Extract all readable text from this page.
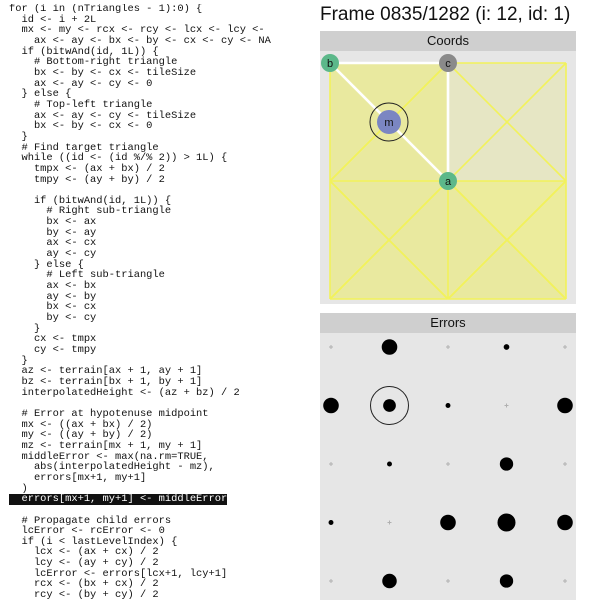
for (i in (nTriangles - 1):0) {
id <- i + 2L
mx <- my <- rcx <- rcy <- lcx <- lcy <-
ax <- ay <- bx <- by <- cx <- cy <- NA
if (bitwAnd(id, 1L)) {
# Bottom-right triangle
bx <- by <- cx <- tileSize
ax <- ay <- cy <- 0
} else {
# Top-left triangle
ax <- ay <- cy <- tileSize
bx <- by <- cx <- 0
}
# Find target triangle
while ((id <- (id %/% 2)) > 1L) {
tmpx <- (ax + bx) / 2
tmpy <- (ay + by) / 2

if (bitwAnd(id, 1L)) {
# Right sub-triangle
bx <- ax
by <- ay
ax <- cx
ay <- cy
} else {
# Left sub-triangle
ax <- bx
ay <- by
bx <- cx
by <- cy
}
cx <- tmpx
cy <- tmpy
}
az <- terrain[ax + 1, ay + 1]
bz <- terrain[bx + 1, by + 1]
interpolatedHeight <- (az + bz) / 2

# Error at hypotenuse midpoint
mx <- ((ax + bx) / 2)
my <- ((ay + by) / 2)
mz <- terrain[mx + 1, my + 1]
middleError <- max(na.rm=TRUE,
abs(interpolatedHeight - mz),
errors[mx+1, my+1]
)
errors[mx+1, my+1] <- middleError

# Propagate child errors
lcError <- rcError <- 0
if (i < lastLevelIndex) {
lcx <- (ax + cx) / 2
lcy <- (ay + cy) / 2
lcError <- errors[lcx+1, lcy+1]
rcx <- (bx + cx) / 2
rcy <- (by + cy) / 2
Frame 0835/1282 (i: 12, id: 1)
Coords
b	c
m
a
Errors
